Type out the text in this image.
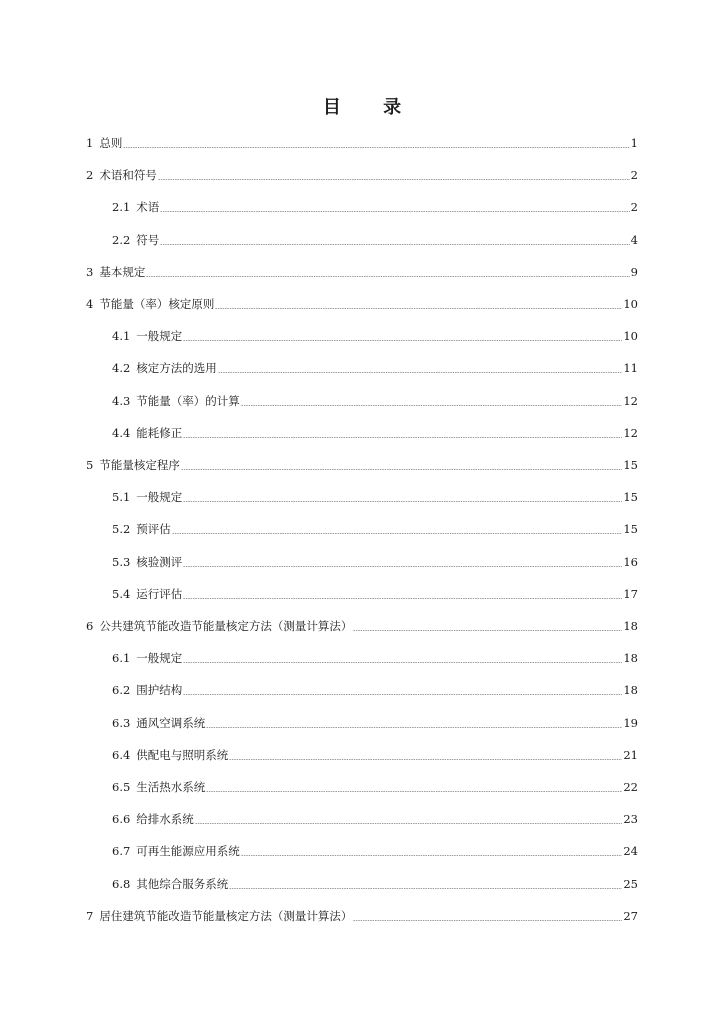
目 录
1 总则	1
2 术语和符号	2
2.1 术语	2
2.2 符号	4
3 基本规定	9
4 节能量（率）核定原则	10
4.1 一般规定	10
4.2 核定方法的选用	11
4.3 节能量（率）的计算	12
4.4 能耗修正	12
5 节能量核定程序	15
5.1 一般规定	15
5.2 预评估	15
5.3 核验测评	16
5.4 运行评估	17
6 公共建筑节能改造节能量核定方法（测量计算法）	18
6.1 一般规定	18
6.2 围护结构	18
6.3 通风空调系统	19
6.4 供配电与照明系统	21
6.5 生活热水系统	22
6.6 给排水系统	23
6.7 可再生能源应用系统	24
6.8 其他综合服务系统	25
7 居住建筑节能改造节能量核定方法（测量计算法）	27
